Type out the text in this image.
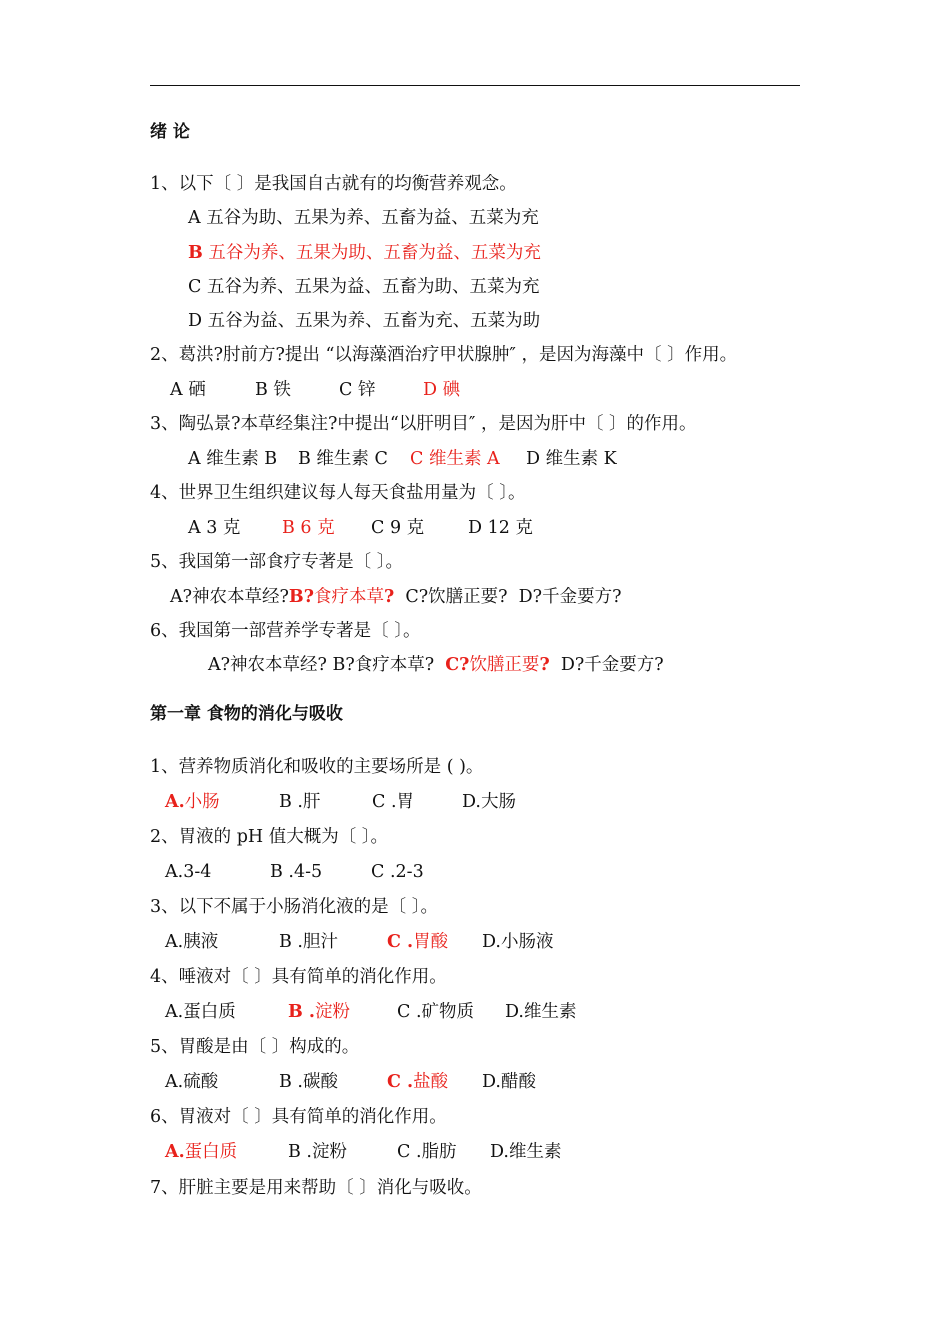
绪 论
1、以下〔 〕是我国自古就有的均衡营养观念。
A 五谷为助、五果为养、五畜为益、五菜为充
B 五谷为养、五果为助、五畜为益、五菜为充
C 五谷为养、五果为益、五畜为助、五菜为充
D 五谷为益、五果为养、五畜为充、五菜为助
2、葛洪?肘前方?提出 “以海藻酒治疗甲状腺肿″ ，是因为海藻中〔 〕作用。
A 硒	B 铁	C 锌	D 碘
3、陶弘景?本草经集注?中提出“以肝明目″ ，是因为肝中〔 〕的作用。
A 维生素 B B 维生素 C C 维生素 A D 维生素 K
4、世界卫生组织建议每人每天食盐用量为〔 〕。
A 3 克 B 6 克 C 9 克	D 12 克
5、我国第一部食疗专著是〔 〕。
A?神农本草经?B?食疗本草? C?饮膳正要? D?千金要方?
6、我国第一部营养学专著是〔 〕。
A?神农本草经? B?食疗本草? C?饮膳正要? D?千金要方?
第一章 食物的消化与吸收
1、营养物质消化和吸收的主要场所是 ( )。
A.小肠	B .肝	C .胃	D.大肠
2、胃液的 pH 值大概为〔 〕。
A.3-4	B .4-5	C .2-3
3、以下不属于小肠消化液的是〔 〕。
A.胰液	B .胆汁	C .胃酸 D.小肠液
4、唾液对〔 〕具有简单的消化作用。
A.蛋白质	B .淀粉	C .矿物质 D.维生素
5、胃酸是由〔 〕构成的。
A.硫酸	B .碳酸	C .盐酸 D.醋酸
6、胃液对〔 〕具有简单的消化作用。
A.蛋白质	B .淀粉	C .脂肪 D.维生素
7、肝脏主要是用来帮助〔 〕消化与吸收。
